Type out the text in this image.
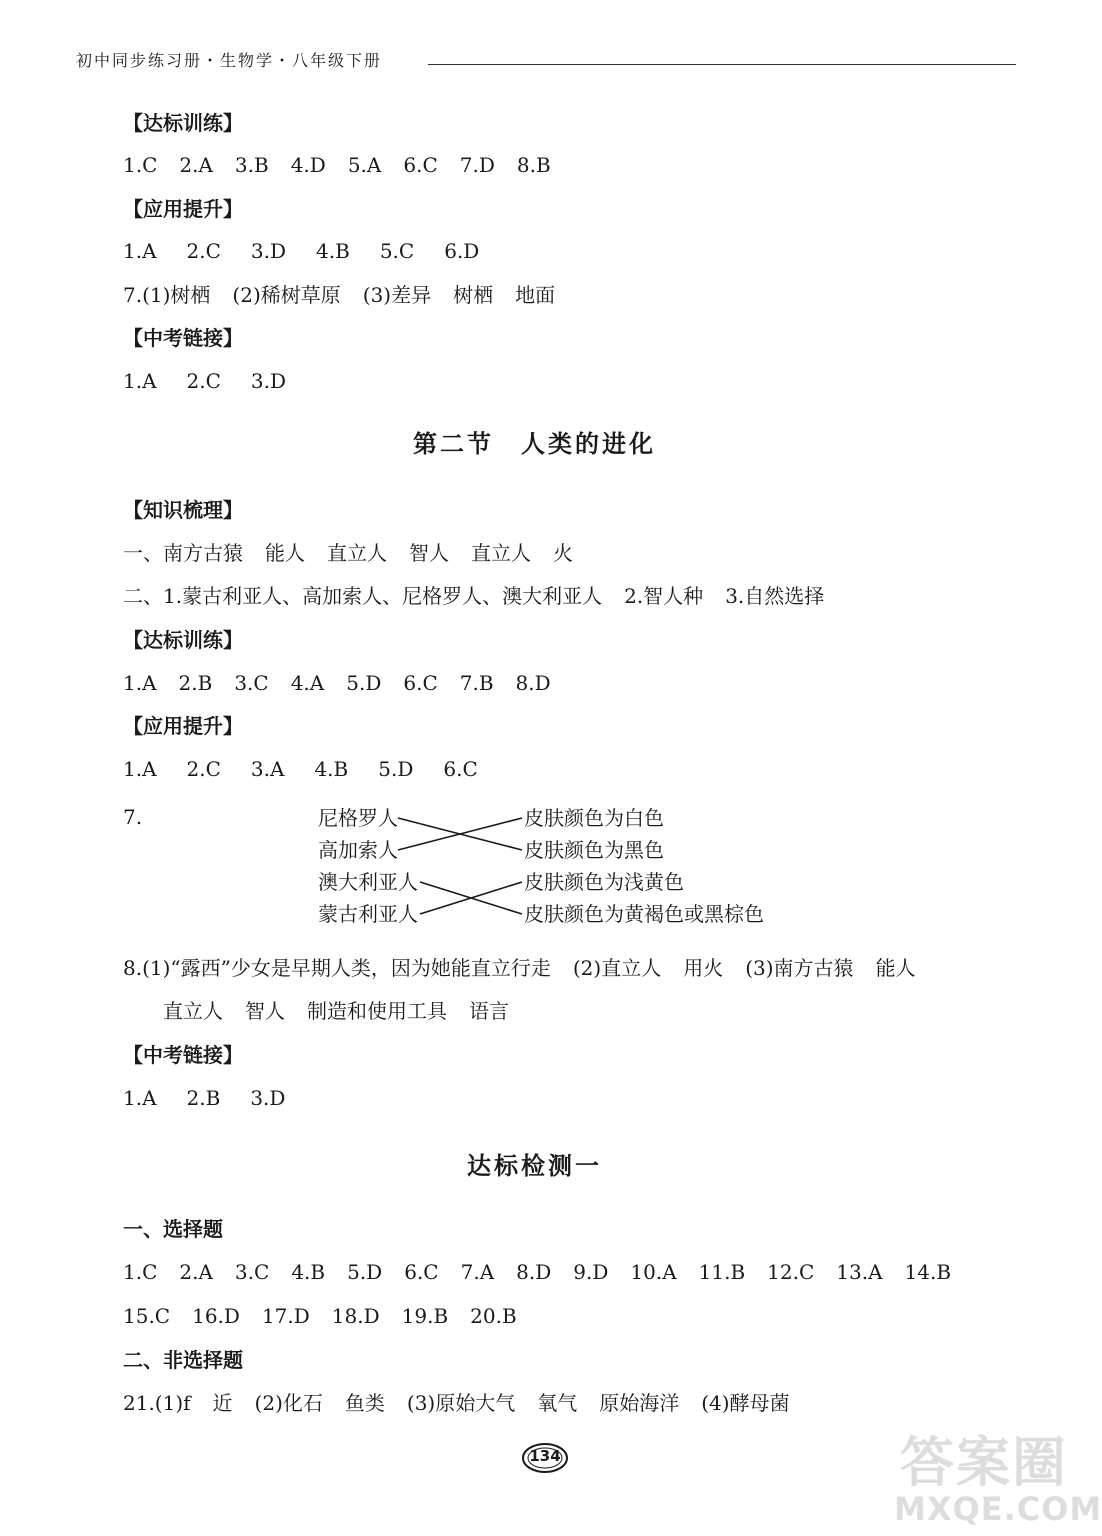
初中同步练习册・生物学・八年级下册
【达标训练】
1.C 2.A 3.B 4.D 5.A 6.C 7.D 8.B
【应用提升】
1.A 2.C 3.D 4.B 5.C 6.D
7.(1)树栖 (2)稀树草原 (3)差异 树栖 地面
【中考链接】
1.A 2.C 3.D
第二节　人类的进化
【知识梳理】
一、南方古猿 能人 直立人 智人 直立人 火
二、1.蒙古利亚人、高加索人、尼格罗人、澳大利亚人 2.智人种 3.自然选择
【达标训练】
1.A 2.B 3.C 4.A 5.D 6.C 7.B 8.D
【应用提升】
1.A 2.C 3.A 4.B 5.D 6.C
7.	尼格罗人
高加索人
澳大利亚人
蒙古利亚人
皮肤颜色为白色
皮肤颜色为黑色
皮肤颜色为浅黄色
皮肤颜色为黄褐色或黑棕色
8.(1)“露西”少女是早期人类，因为她能直立行走 (2)直立人 用火 (3)南方古猿 能人
直立人 智人 制造和使用工具 语言
【中考链接】
1.A 2.B 3.D
达标检测一
一、选择题
1.C 2.A 3.C 4.B 5.D 6.C 7.A 8.D 9.D 10.A 11.B 12.C 13.A 14.B
15.C 16.D 17.D 18.D 19.B 20.B
二、非选择题
21.(1)f 近 (2)化石 鱼类 (3)原始大气 氧气 原始海洋 (4)酵母菌
134	答案圈
MXQE.COM
